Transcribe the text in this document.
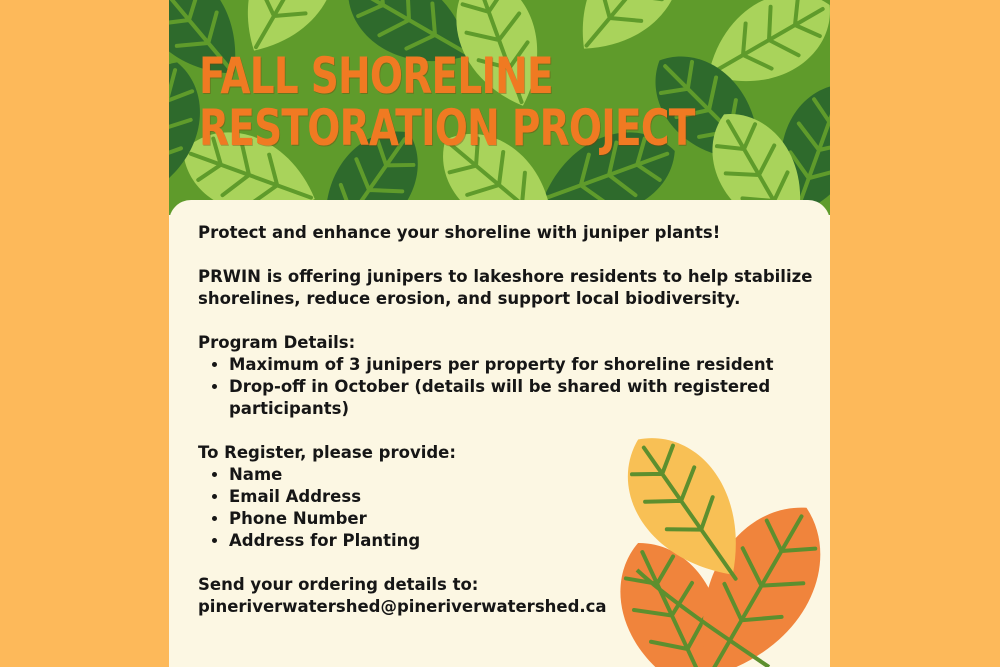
FALL SHORELINE
RESTORATION PROJECT

Protect and enhance your shoreline with juniper plants!

PRWIN is offering junipers to lakeshore residents to help stabilize shorelines, reduce erosion, and support local biodiversity.

Program Details:

• Maximum of 3 junipers per property for shoreline resident
• Drop-off in October (details will be shared with registered participants)

To Register, please provide:

• Name
• Email Address
• Phone Number
• Address for Planting

Send your ordering details to:

pineriverwatershed@pineriverwatershed.ca
